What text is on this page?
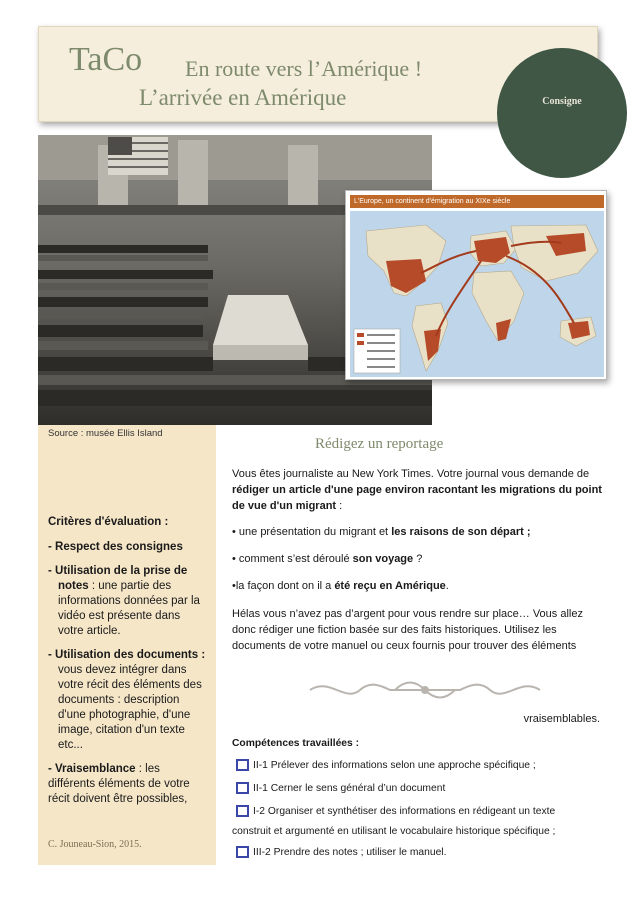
TaCo En route vers l’Amérique !
L’arrivée en Amérique	Consigne
L'Europe, un continent d'émigration au XIXe siècle
Source : musée Ellis Island
Critères d'évaluation :
- Respect des consignes
- Utilisation de la prise de notes : une partie des informations données par la vidéo est présente dans votre article.
- Utilisation des documents : vous devez intégrer dans votre récit des éléments des documents : description d'une photographie, d'une image, citation d'un texte etc...
- Vraisemblance : les différents éléments de votre récit doivent être possibles,
C. Jouneau-Sion, 2015.
Rédigez un reportage
Vous êtes journaliste au New York Times. Votre journal vous demande de rédiger un article d'une page environ racontant les migrations du point de vue d'un migrant :
• une présentation du migrant et les raisons de son départ ;
• comment s’est déroulé son voyage ?
•la façon dont on il a été reçu en Amérique.
Hélas vous n’avez pas d’argent pour vous rendre sur place… Vous allez donc rédiger une fiction basée sur des faits historiques. Utilisez les documents de votre manuel ou ceux fournis pour trouver des éléments
vraisemblables.
Compétences travaillées :
II-1 Prélever des informations selon une approche spécifique ;
II-1 Cerner le sens général d’un document
I-2 Organiser et synthétiser des informations en rédigeant un texte
construit et argumenté en utilisant le vocabulaire historique spécifique ;
III-2 Prendre des notes ; utiliser le manuel.
